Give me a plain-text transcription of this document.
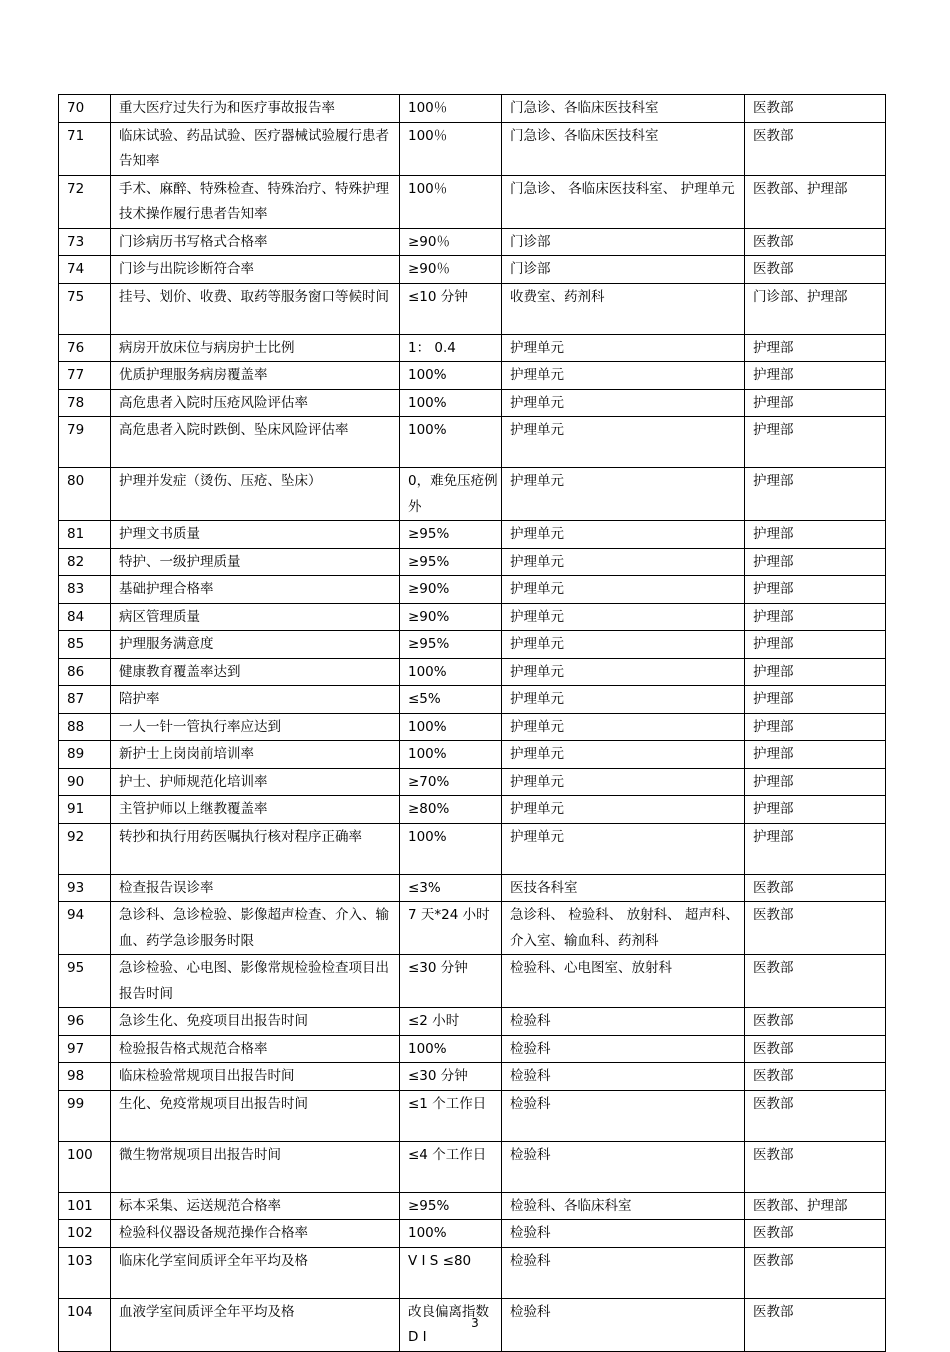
70	重大医疗过失行为和医疗事故报告率	100％	门急诊、各临床医技科室	医教部
71	临床试验、药品试验、医疗器械试验履行患者告知率	100％	门急诊、各临床医技科室	医教部
72	手术、麻醉、特殊检查、特殊治疗、特殊护理技术操作履行患者告知率	100％	门急诊、 各临床医技科室、 护理单元	医教部、护理部
73	门诊病历书写格式合格率	≥90％	门诊部	医教部
74	门诊与出院诊断符合率	≥90％	门诊部	医教部
75	挂号、划价、收费、取药等服务窗口等候时间	≤10 分钟	收费室、药剂科	门诊部、护理部
76	病房开放床位与病房护士比例	1： 0.4	护理单元	护理部
77	优质护理服务病房覆盖率	100%	护理单元	护理部
78	高危患者入院时压疮风险评估率	100%	护理单元	护理部
79	高危患者入院时跌倒、坠床风险评估率	100%	护理单元	护理部
80	护理并发症（烫伤、压疮、坠床）	0，难免压疮例外	护理单元	护理部
81	护理文书质量	≥95%	护理单元	护理部
82	特护、一级护理质量	≥95%	护理单元	护理部
83	基础护理合格率	≥90%	护理单元	护理部
84	病区管理质量	≥90%	护理单元	护理部
85	护理服务满意度	≥95%	护理单元	护理部
86	健康教育覆盖率达到	100%	护理单元	护理部
87	陪护率	≤5%	护理单元	护理部
88	一人一针一管执行率应达到	100%	护理单元	护理部
89	新护士上岗岗前培训率	100%	护理单元	护理部
90	护士、护师规范化培训率	≥70%	护理单元	护理部
91	主管护师以上继教覆盖率	≥80%	护理单元	护理部
92	转抄和执行用药医嘱执行核对程序正确率	100%	护理单元	护理部
93	检查报告误诊率	≤3%	医技各科室	医教部
94	急诊科、急诊检验、影像超声检查、介入、输血、药学急诊服务时限	7 天*24 小时	急诊科、 检验科、 放射科、 超声科、介入室、输血科、药剂科	医教部
95	急诊检验、心电图、影像常规检验检查项目出报告时间	≤30 分钟	检验科、心电图室、放射科	医教部
96	急诊生化、免疫项目出报告时间	≤2 小时	检验科	医教部
97	检验报告格式规范合格率	100%	检验科	医教部
98	临床检验常规项目出报告时间	≤30 分钟	检验科	医教部
99	生化、免疫常规项目出报告时间	≤1 个工作日	检验科	医教部
100	微生物常规项目出报告时间	≤4 个工作日	检验科	医教部
101	标本采集、运送规范合格率	≥95%	检验科、各临床科室	医教部、护理部
102	检验科仪器设备规范操作合格率	100%	检验科	医教部
103	临床化学室间质评全年平均及格	V I S ≤80	检验科	医教部
104	血液学室间质评全年平均及格	改良偏离指数 D I	检验科	医教部
3
